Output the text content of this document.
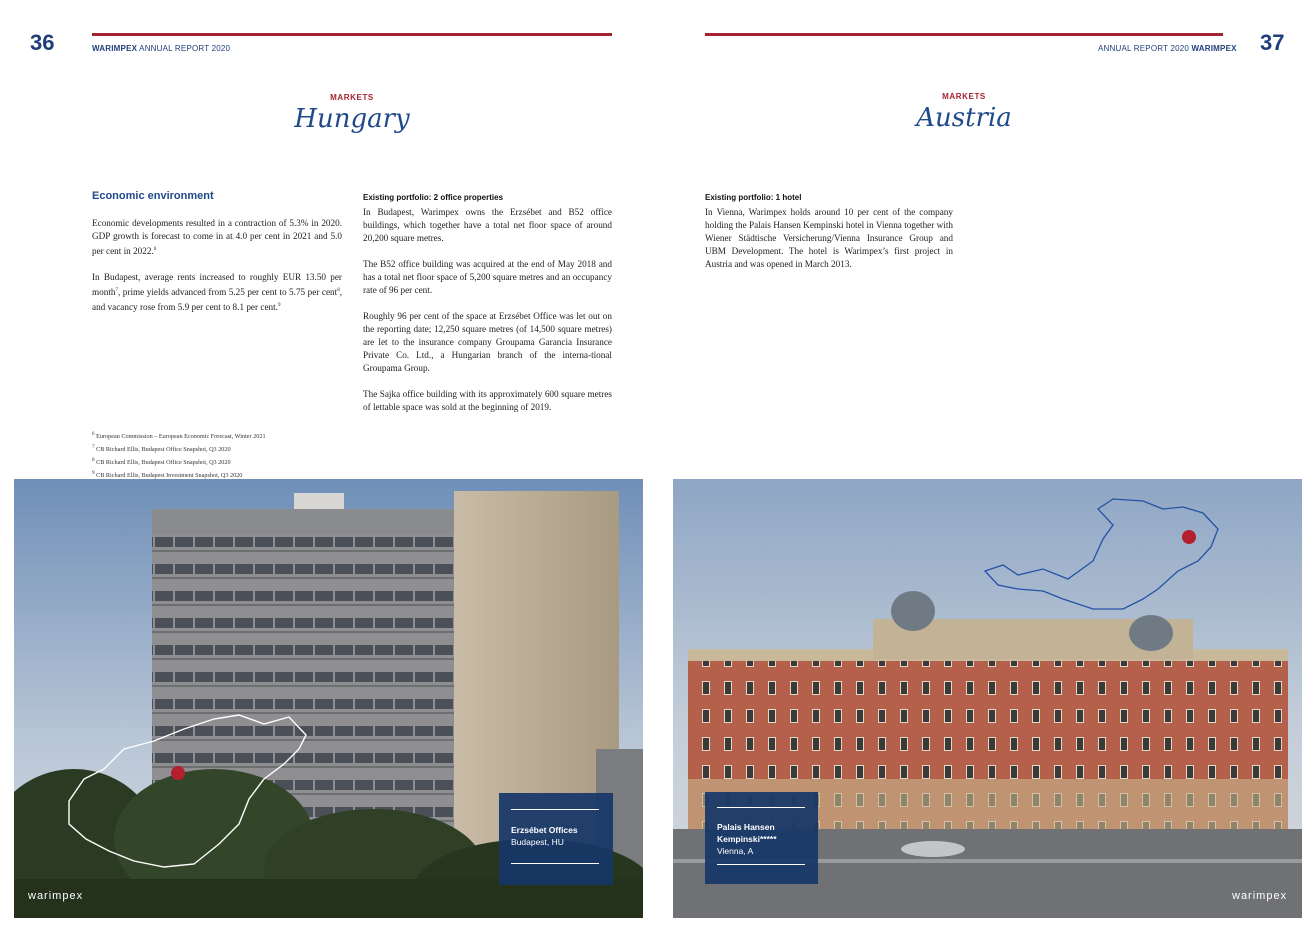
36	WARIMPEX ANNUAL REPORT 2020
MARKETS
Hungary
Economic environment

Economic developments resulted in a contraction of 5.3% in 2020. GDP growth is forecast to come in at 4.0 per cent in 2021 and 5.0 per cent in 2022.$^6$

In Budapest, average rents increased to roughly EUR 13.50 per month$^7$, prime yields advanced from 5.25 per cent to 5.75 per cent$^8$, and vacancy rose from 5.9 per cent to 8.1 per cent.$^9$

Existing portfolio: 2 office properties

In Budapest, Warimpex owns the Erzsébet and B52 office buildings, which together have a total net floor space of around 20,200 square metres.

The B52 office building was acquired at the end of May 2018 and has a total net floor space of 5,200 square metres and an occupancy rate of 96 per cent.

Roughly 96 per cent of the space at Erzsébet Office was let out on the reporting date; 12,250 square metres (of 14,500 square metres) are let to the insurance company Groupama Garancia Insurance Private Co. Ltd., a Hungarian branch of the interna-tional Groupama Group.

The Sajka office building with its approximately 600 square metres of lettable space was sold at the beginning of 2019.

$^6$ European Commission – European Economic Forecast, Winter 2021
$^7$ CB Richard Ellis, Budapest Office Snapshot, Q3 2020
$^8$ CB Richard Ellis, Budapest Office Snapshot, Q3 2020
$^9$ CB Richard Ellis, Budapest Investment Snapshot, Q3 2020
Erzsébet Offices
Budapest, HU
warimpex
ANNUAL REPORT 2020 WARIMPEX 37
MARKETS
Austria
Existing portfolio: 1 hotel

In Vienna, Warimpex holds around 10 per cent of the company holding the Palais Hansen Kempinski hotel in Vienna together with Wiener Städtische Versicherung/Vienna Insurance Group and UBM Development. The hotel is Warimpex’s first project in Austria and was opened in March 2013.

Palais Hansen
Kempinski*****
Vienna, A
warimpex
